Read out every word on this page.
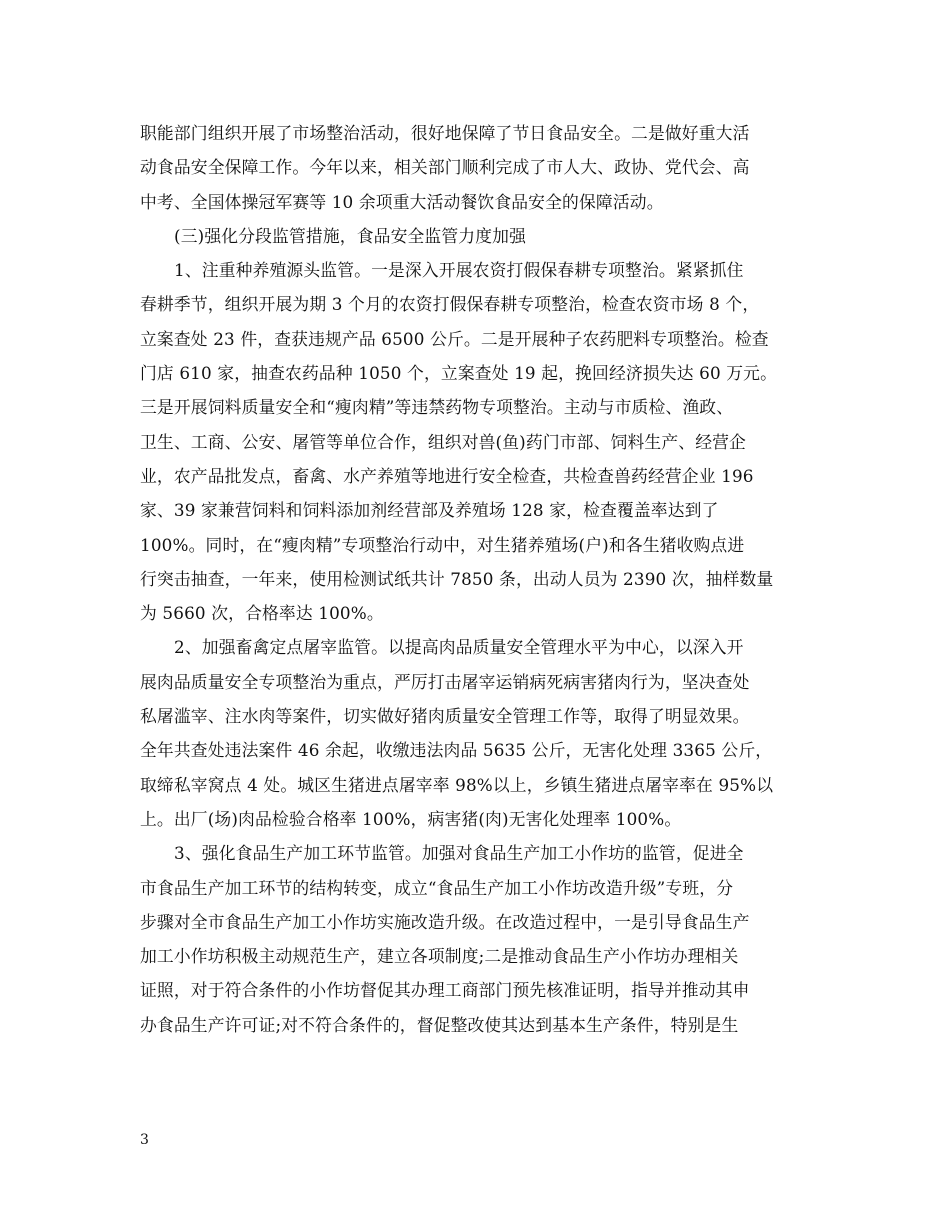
职能部门组织开展了市场整治活动，很好地保障了节日食品安全。二是做好重大活
动食品安全保障工作。今年以来，相关部门顺利完成了市人大、政协、党代会、高
中考、全国体操冠军赛等 10 余项重大活动餐饮食品安全的保障活动。
(三)强化分段监管措施，食品安全监管力度加强
1、注重种养殖源头监管。一是深入开展农资打假保春耕专项整治。紧紧抓住
春耕季节，组织开展为期 3 个月的农资打假保春耕专项整治，检查农资市场 8 个，
立案查处 23 件，查获违规产品 6500 公斤。二是开展种子农药肥料专项整治。检查
门店 610 家，抽查农药品种 1050 个，立案查处 19 起，挽回经济损失达 60 万元。
三是开展饲料质量安全和“瘦肉精”等违禁药物专项整治。主动与市质检、渔政、
卫生、工商、公安、屠管等单位合作，组织对兽(鱼)药门市部、饲料生产、经营企
业，农产品批发点，畜禽、水产养殖等地进行安全检查，共检查兽药经营企业 196
家、39 家兼营饲料和饲料添加剂经营部及养殖场 128 家，检查覆盖率达到了
100%。同时，在“瘦肉精”专项整治行动中，对生猪养殖场(户)和各生猪收购点进
行突击抽查，一年来，使用检测试纸共计 7850 条，出动人员为 2390 次，抽样数量
为 5660 次，合格率达 100%。
2、加强畜禽定点屠宰监管。以提高肉品质量安全管理水平为中心，以深入开
展肉品质量安全专项整治为重点，严厉打击屠宰运销病死病害猪肉行为，坚决查处
私屠滥宰、注水肉等案件，切实做好猪肉质量安全管理工作等，取得了明显效果。
全年共查处违法案件 46 余起，收缴违法肉品 5635 公斤，无害化处理 3365 公斤，
取缔私宰窝点 4 处。城区生猪进点屠宰率 98%以上，乡镇生猪进点屠宰率在 95%以
上。出厂(场)肉品检验合格率 100%，病害猪(肉)无害化处理率 100%。
3、强化食品生产加工环节监管。加强对食品生产加工小作坊的监管，促进全
市食品生产加工环节的结构转变，成立“食品生产加工小作坊改造升级”专班，分
步骤对全市食品生产加工小作坊实施改造升级。在改造过程中，一是引导食品生产
加工小作坊积极主动规范生产，建立各项制度;二是推动食品生产小作坊办理相关
证照，对于符合条件的小作坊督促其办理工商部门预先核准证明，指导并推动其申
办食品生产许可证;对不符合条件的，督促整改使其达到基本生产条件，特别是生
3
